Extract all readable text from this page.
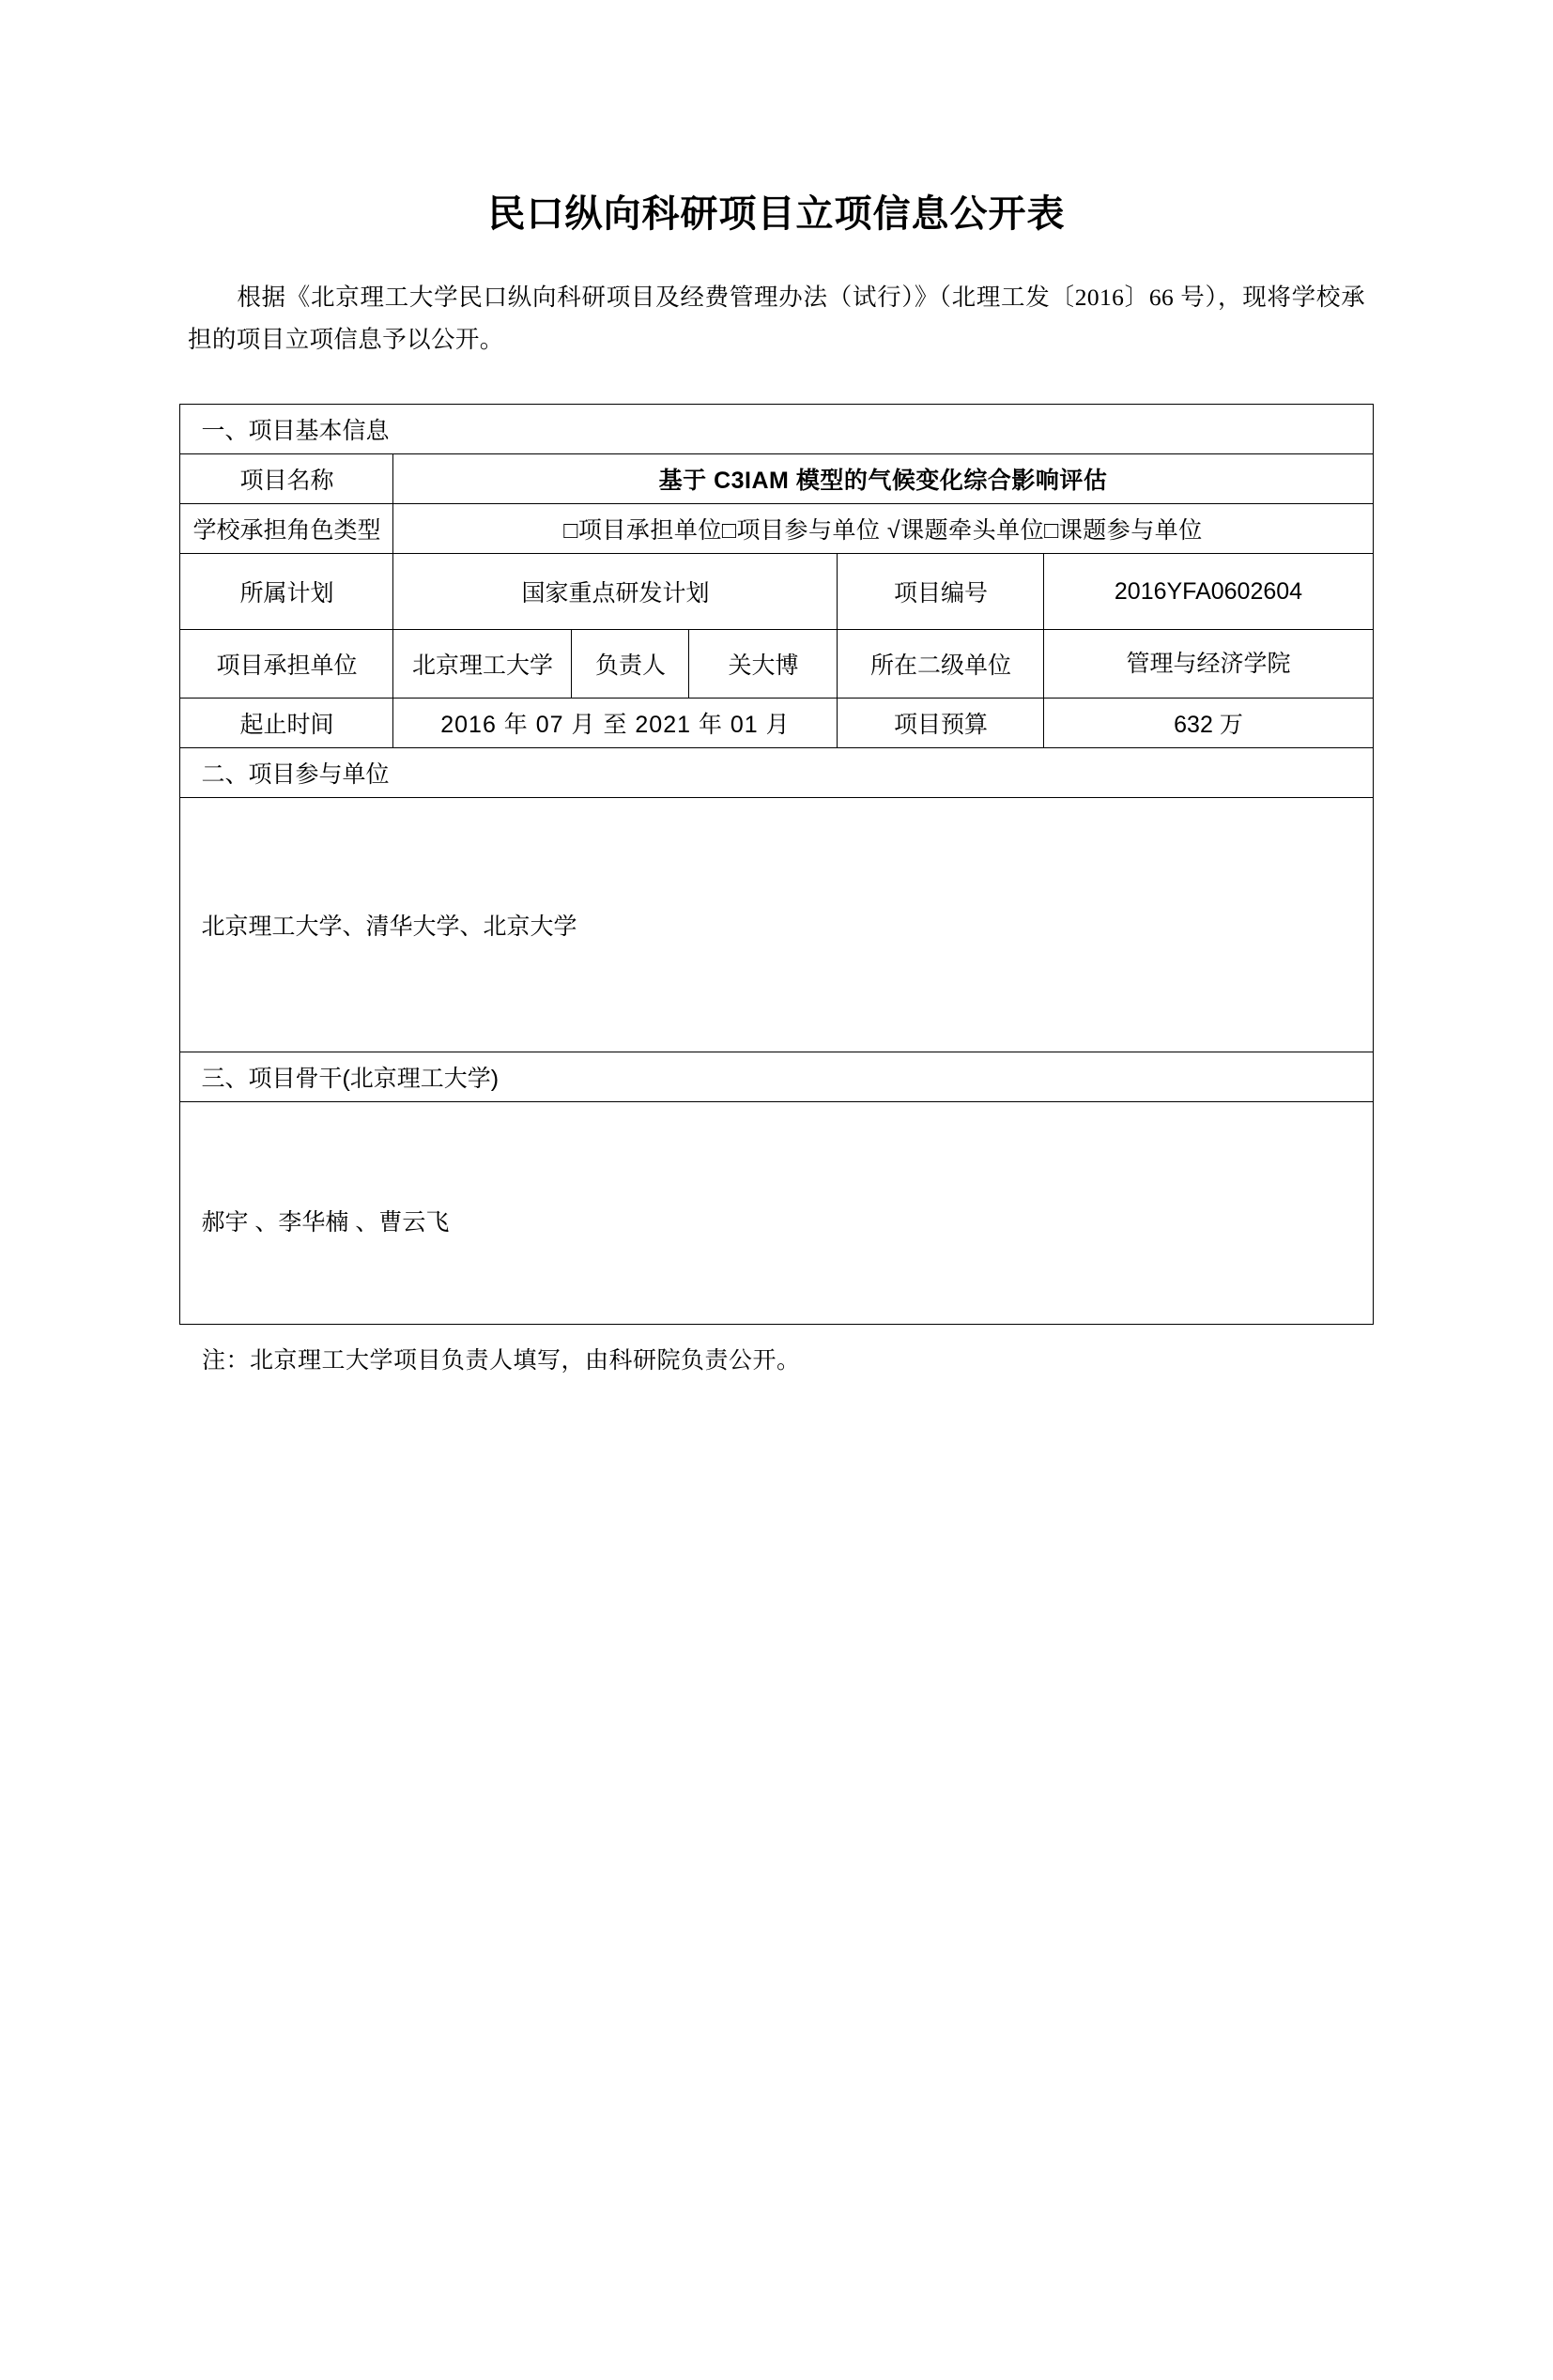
民口纵向科研项目立项信息公开表

根据《北京理工大学民口纵向科研项目及经费管理办法（试行）》（北理工发〔2016〕66 号），现将学校承担的项目立项信息予以公开。

一、项目基本信息					
项目名称	基于 C3IAM 模型的气候变化综合影响评估				
学校承担角色类型	□项目承担单位□项目参与单位 √课题牵头单位□课题参与单位				
所属计划	国家重点研发计划			项目编号	2016YFA0602604
项目承担单位	北京理工大学	负责人	关大博	所在二级单位	管理与经济学院
起止时间	2016 年 07 月 至 2021 年 01 月			项目预算	632 万
二、项目参与单位					
北京理工大学、清华大学、北京大学					
三、项目骨干(北京理工大学)					
郝宇 、李华楠 、曹云飞					
注：北京理工大学项目负责人填写，由科研院负责公开。
